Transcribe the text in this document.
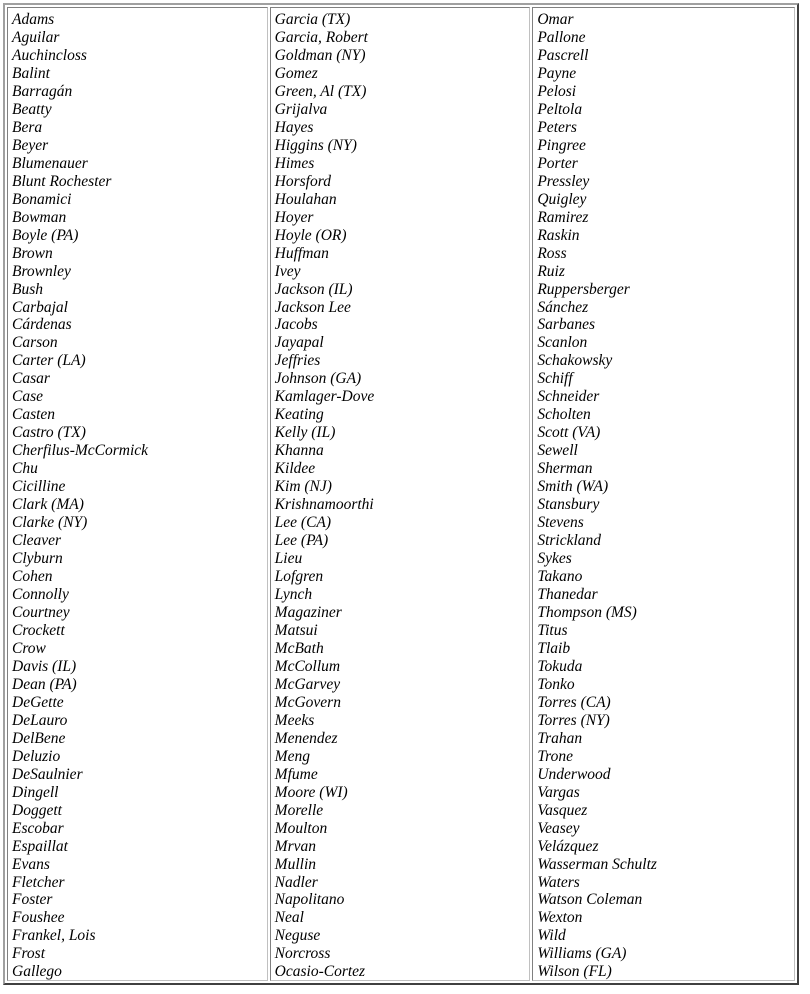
Adams
Aguilar
Auchincloss
Balint
Barragán
Beatty
Bera
Beyer
Blumenauer
Blunt Rochester
Bonamici
Bowman
Boyle (PA)
Brown
Brownley
Bush
Carbajal
Cárdenas
Carson
Carter (LA)
Casar
Case
Casten
Castro (TX)
Cherfilus-McCormick
Chu
Cicilline
Clark (MA)
Clarke (NY)
Cleaver
Clyburn
Cohen
Connolly
Courtney
Crockett
Crow
Davis (IL)
Dean (PA)
DeGette
DeLauro
DelBene
Deluzio
DeSaulnier
Dingell
Doggett
Escobar
Espaillat
Evans
Fletcher
Foster
Foushee
Frankel, Lois
Frost
Gallego
Garcia (TX)
Garcia, Robert
Goldman (NY)
Gomez
Green, Al (TX)
Grijalva
Hayes
Higgins (NY)
Himes
Horsford
Houlahan
Hoyer
Hoyle (OR)
Huffman
Ivey
Jackson (IL)
Jackson Lee
Jacobs
Jayapal
Jeffries
Johnson (GA)
Kamlager-Dove
Keating
Kelly (IL)
Khanna
Kildee
Kim (NJ)
Krishnamoorthi
Lee (CA)
Lee (PA)
Lieu
Lofgren
Lynch
Magaziner
Matsui
McBath
McCollum
McGarvey
McGovern
Meeks
Menendez
Meng
Mfume
Moore (WI)
Morelle
Moulton
Mrvan
Mullin
Nadler
Napolitano
Neal
Neguse
Norcross
Ocasio-Cortez
Omar
Pallone
Pascrell
Payne
Pelosi
Peltola
Peters
Pingree
Porter
Pressley
Quigley
Ramirez
Raskin
Ross
Ruiz
Ruppersberger
Sánchez
Sarbanes
Scanlon
Schakowsky
Schiff
Schneider
Scholten
Scott (VA)
Sewell
Sherman
Smith (WA)
Stansbury
Stevens
Strickland
Sykes
Takano
Thanedar
Thompson (MS)
Titus
Tlaib
Tokuda
Tonko
Torres (CA)
Torres (NY)
Trahan
Trone
Underwood
Vargas
Vasquez
Veasey
Velázquez
Wasserman Schultz
Waters
Watson Coleman
Wexton
Wild
Williams (GA)
Wilson (FL)
